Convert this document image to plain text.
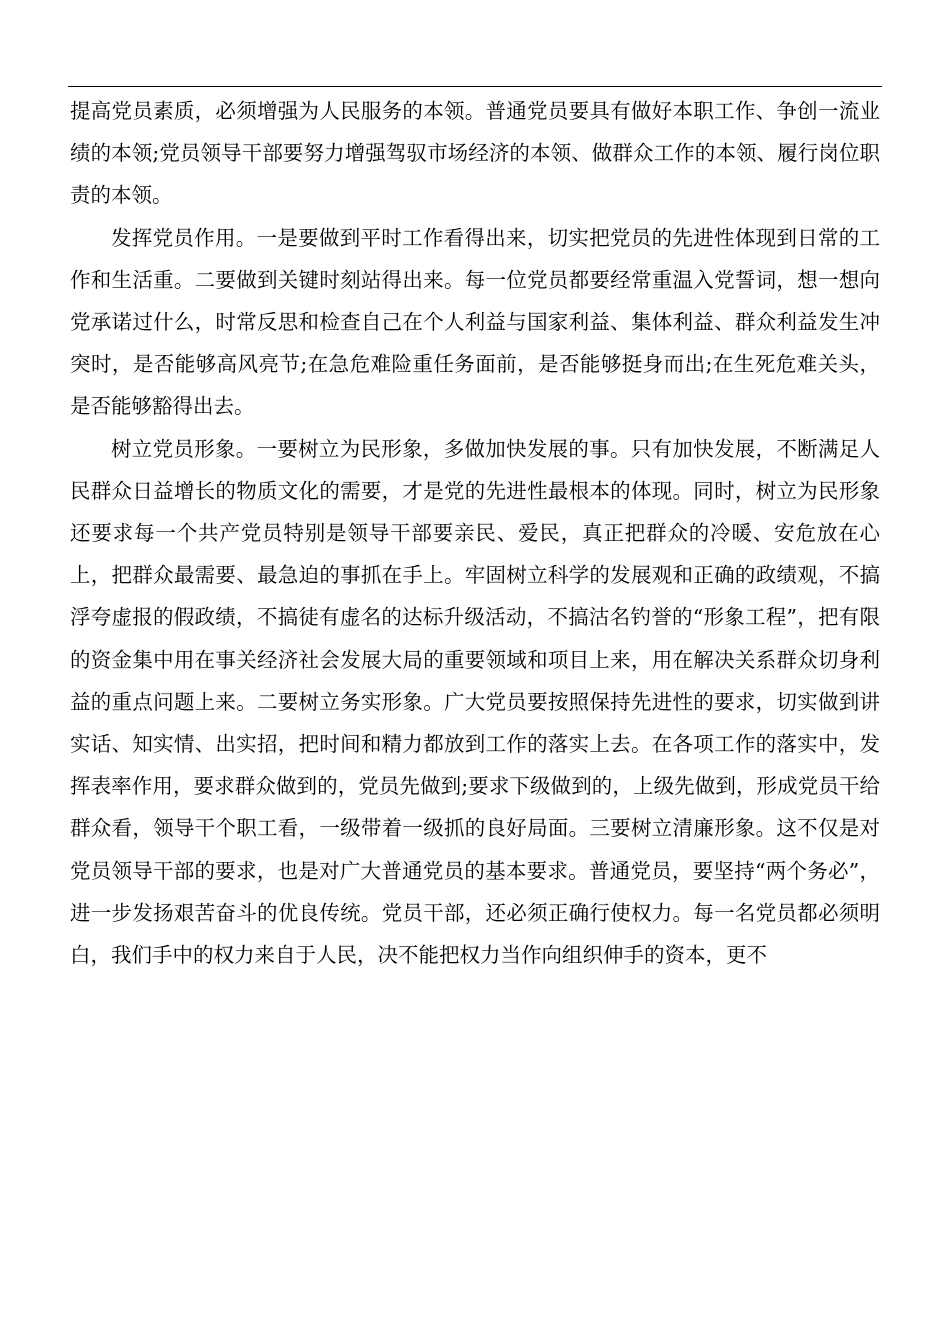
提高党员素质，必须增强为人民服务的本领。普通党员要具有做好本职工作、争创一流业绩的本领;党员领导干部要努力增强驾驭市场经济的本领、做群众工作的本领、履行岗位职责的本领。

发挥党员作用。一是要做到平时工作看得出来，切实把党员的先进性体现到日常的工作和生活重。二要做到关键时刻站得出来。每一位党员都要经常重温入党誓词，想一想向党承诺过什么，时常反思和检查自己在个人利益与国家利益、集体利益、群众利益发生冲突时，是否能够高风亮节;在急危难险重任务面前，是否能够挺身而出;在生死危难关头，是否能够豁得出去。

树立党员形象。一要树立为民形象，多做加快发展的事。只有加快发展，不断满足人民群众日益增长的物质文化的需要，才是党的先进性最根本的体现。同时，树立为民形象还要求每一个共产党员特别是领导干部要亲民、爱民，真正把群众的冷暖、安危放在心上，把群众最需要、最急迫的事抓在手上。牢固树立科学的发展观和正确的政绩观，不搞浮夸虚报的假政绩，不搞徒有虚名的达标升级活动，不搞沽名钓誉的“形象工程”，把有限的资金集中用在事关经济社会发展大局的重要领域和项目上来，用在解决关系群众切身利益的重点问题上来。二要树立务实形象。广大党员要按照保持先进性的要求，切实做到讲实话、知实情、出实招，把时间和精力都放到工作的落实上去。在各项工作的落实中，发挥表率作用，要求群众做到的，党员先做到;要求下级做到的，上级先做到，形成党员干给群众看，领导干个职工看，一级带着一级抓的良好局面。三要树立清廉形象。这不仅是对党员领导干部的要求，也是对广大普通党员的基本要求。普通党员，要坚持“两个务必”，进一步发扬艰苦奋斗的优良传统。党员干部，还必须正确行使权力。每一名党员都必须明白，我们手中的权力来自于人民，决不能把权力当作向组织伸手的资本，更不
